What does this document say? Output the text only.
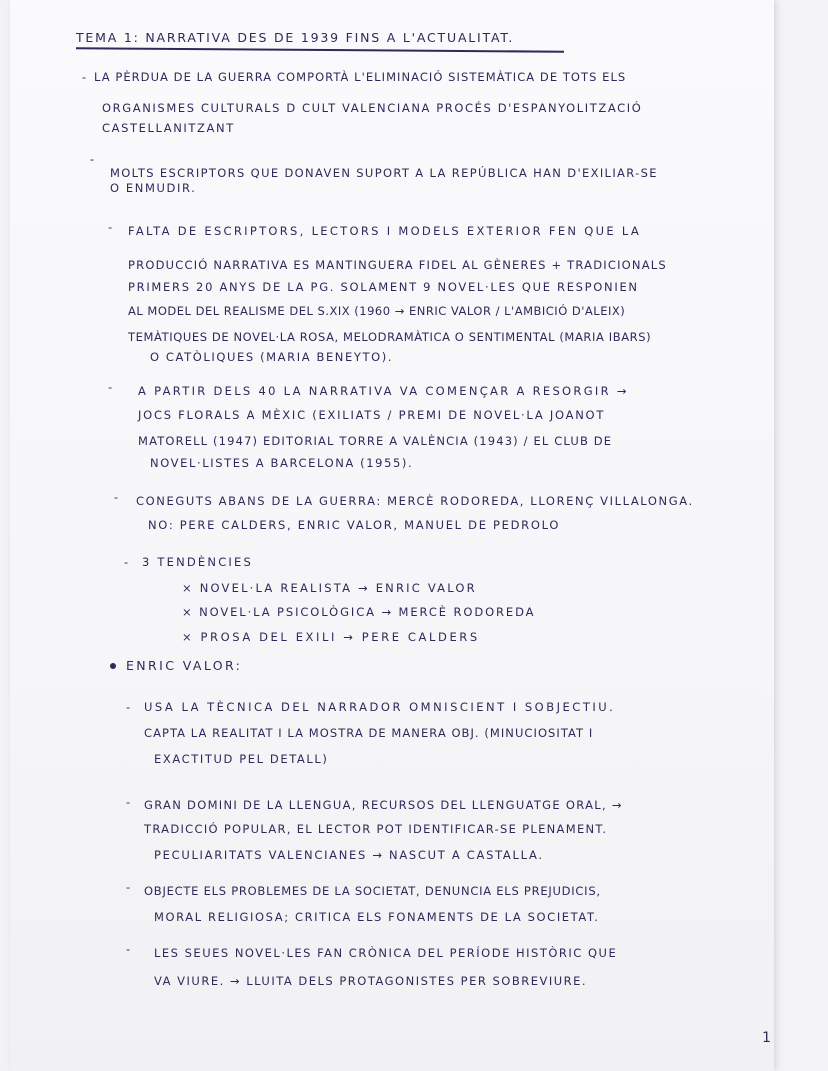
TEMA 1: NARRATIVA DES DE 1939 FINS A L'ACTUALITAT.
- LA PÈRDUA DE LA GUERRA COMPORTÀ L'ELIMINACIÓ SISTEMÀTICA DE TOTS ELS
ORGANISMES CULTURALS D CULT VALENCIANA PROCÉS D'ESPANYOLITZACIÓ
CASTELLANITZANT
-
MOLTS ESCRIPTORS QUE DONAVEN SUPORT A LA REPÚBLICA HAN D'EXILIAR-SE
O ENMUDIR.
- FALTA DE ESCRIPTORS, LECTORS I MODELS EXTERIOR FEN QUE LA
PRODUCCIÓ NARRATIVA ES MANTINGUERA FIDEL AL GÈNERES + TRADICIONALS
PRIMERS 20 ANYS DE LA PG. SOLAMENT 9 NOVEL·LES QUE RESPONIEN
AL MODEL DEL REALISME DEL S.XIX (1960 → ENRIC VALOR / L'AMBICIÓ D'ALEIX)
TEMÀTIQUES DE NOVEL·LA ROSA, MELODRAMÀTICA O SENTIMENTAL (MARIA IBARS)
O CATÒLIQUES (MARIA BENEYTO).
- A PARTIR DELS 40 LA NARRATIVA VA COMENÇAR A RESORGIR →
JOCS FLORALS A MÈXIC (EXILIATS / PREMI DE NOVEL·LA JOANOT
MATORELL (1947) EDITORIAL TORRE A VALÈNCIA (1943) / EL CLUB DE
NOVEL·LISTES A BARCELONA (1955).
- CONEGUTS ABANS DE LA GUERRA: MERCÈ RODOREDA, LLORENÇ VILLALONGA.
NO: PERE CALDERS, ENRIC VALOR, MANUEL DE PEDROLO
- 3 TENDÈNCIES
× NOVEL·LA REALISTA → ENRIC VALOR
× NOVEL·LA PSICOLÒGICA → MERCÈ RODOREDA
× PROSA DEL EXILI → PERE CALDERS
ENRIC VALOR:
- USA LA TÈCNICA DEL NARRADOR OMNISCIENT I SOBJECTIU.
CAPTA LA REALITAT I LA MOSTRA DE MANERA OBJ. (MINUCIOSITAT I
EXACTITUD PEL DETALL)
- GRAN DOMINI DE LA LLENGUA, RECURSOS DEL LLENGUATGE ORAL, →
TRADICCIÓ POPULAR, EL LECTOR POT IDENTIFICAR-SE PLENAMENT.
PECULIARITATS VALENCIANES → NASCUT A CASTALLA.
- OBJECTE ELS PROBLEMES DE LA SOCIETAT, DENUNCIA ELS PREJUDICIS,
MORAL RELIGIOSA; CRITICA ELS FONAMENTS DE LA SOCIETAT.
- LES SEUES NOVEL·LES FAN CRÒNICA DEL PERÍODE HISTÒRIC QUE
VA VIURE. → LLUITA DELS PROTAGONISTES PER SOBREVIURE.
1
